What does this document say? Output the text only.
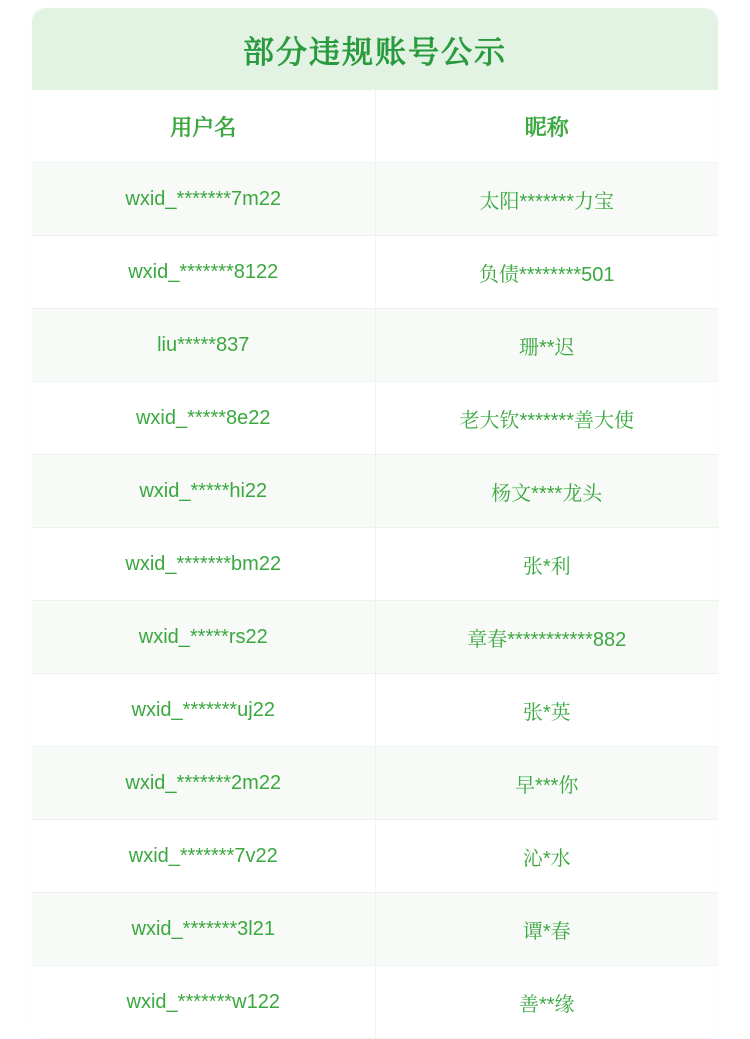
部分违规账号公示
用户名	昵称
wxid_*******7m22	太阳*******力宝
wxid_*******8122	负债********501
liu*****837	珊**迟
wxid_*****8e22	老大钦*******善大使
wxid_*****hi22	杨文****龙头
wxid_*******bm22	张*利
wxid_*****rs22	章春***********882
wxid_*******uj22	张*英
wxid_*******2m22	早***你
wxid_*******7v22	沁*水
wxid_*******3l21	谭*春
wxid_*******w122	善**缘
